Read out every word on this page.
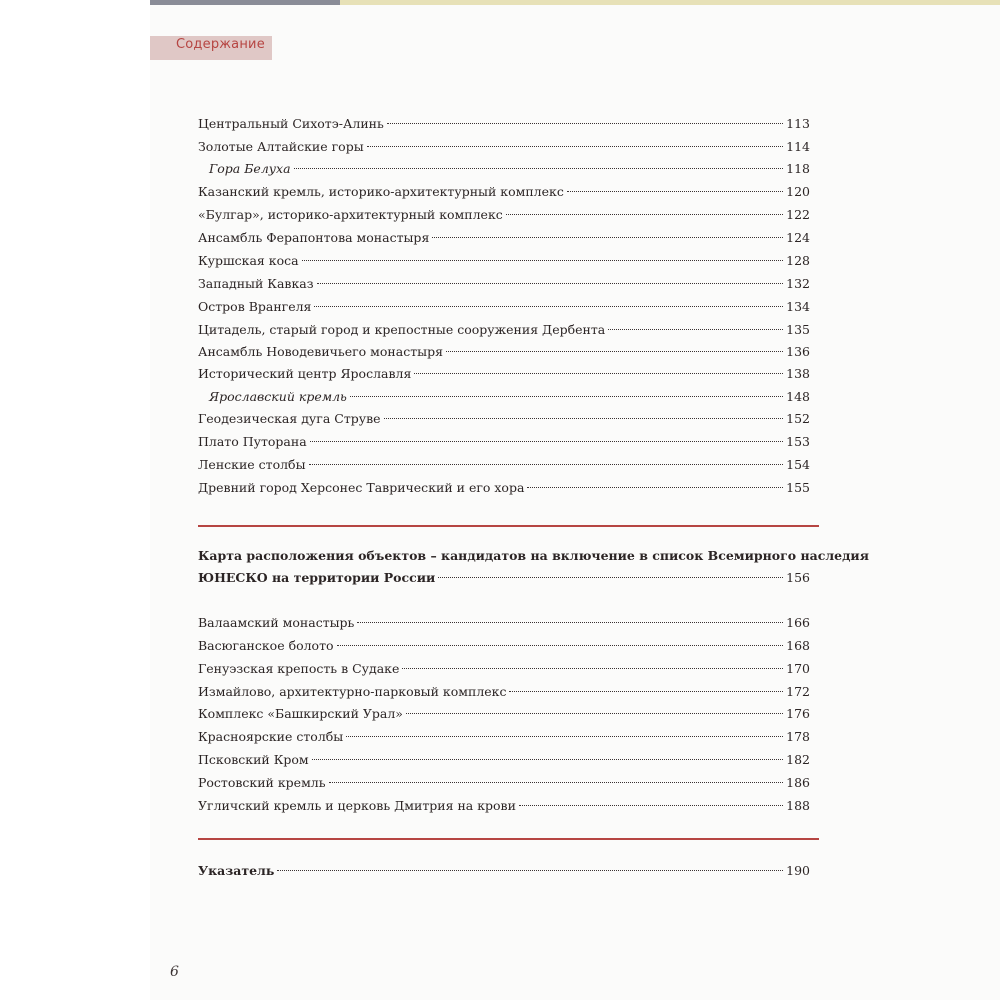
Содержание
Центральный Сихотэ-Алинь	113
Золотые Алтайские горы	114
Гора Белуха	118
Казанский кремль, историко-архитектурный комплекс	120
«Булгар», историко-архитектурный комплекс	122
Ансамбль Ферапонтова монастыря	124
Куршская коса	128
Западный Кавказ	132
Остров Врангеля	134
Цитадель, старый город и крепостные сооружения Дербента	135
Ансамбль Новодевичьего монастыря	136
Исторический центр Ярославля	138
Ярославский кремль	148
Геодезическая дуга Струве	152
Плато Путорана	153
Ленские столбы	154
Древний город Херсонес Таврический и его хора	155
Карта расположения объектов – кандидатов на включение в список Всемирного наследия
ЮНЕСКО на территории России	156
Валаамский монастырь	166
Васюганское болото	168
Генуэзская крепость в Судаке	170
Измайлово, архитектурно-парковый комплекс	172
Комплекс «Башкирский Урал»	176
Красноярские столбы	178
Псковский Кром	182
Ростовский кремль	186
Угличский кремль и церковь Дмитрия на крови	188
Указатель	190
6
